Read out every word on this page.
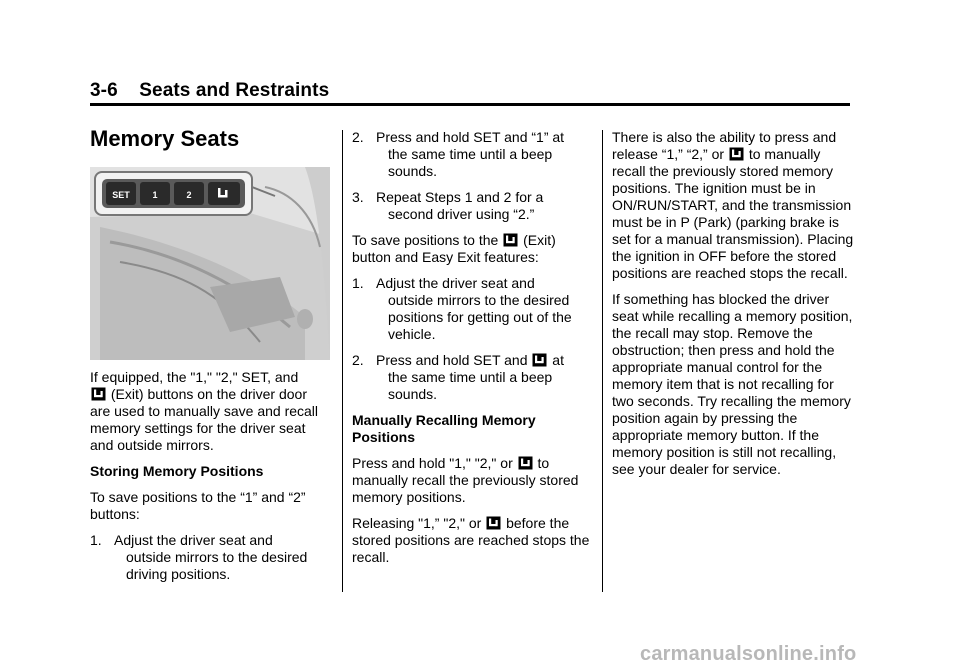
3-6    Seats and Restraints
Memory Seats
SET	1	2

If equipped, the "1," "2," SET, and
(Exit) buttons on the driver door are used to manually save and recall memory settings for the driver seat and outside mirrors.

Storing Memory Positions

To save positions to the “1” and “2” buttons:

1. Adjust the driver seat and
outside mirrors to the desired driving positions.
2. Press and hold SET and “1” at
the same time until a beep sounds.
3. Repeat Steps 1 and 2 for a
second driver using “2.”

To save positions to the (Exit) button and Easy Exit features:

1. Adjust the driver seat and
outside mirrors to the desired positions for getting out of the vehicle.
2. Press and hold SET and at
the same time until a beep sounds.

Manually Recalling Memory Positions

Press and hold "1," "2," or to manually recall the previously stored memory positions.

Releasing "1,” "2," or before the stored positions are reached stops the recall.

There is also the ability to press and release “1,” “2,” or to manually recall the previously stored memory positions. The ignition must be in ON/RUN/START, and the transmission must be in P (Park) (parking brake is set for a manual transmission). Placing the ignition in OFF before the stored positions are reached stops the recall.

If something has blocked the driver seat while recalling a memory position, the recall may stop. Remove the obstruction; then press and hold the appropriate manual control for the memory item that is not recalling for two seconds. Try recalling the memory position again by pressing the appropriate memory button. If the memory position is still not recalling, see your dealer for service.

carmanualsonline.info
